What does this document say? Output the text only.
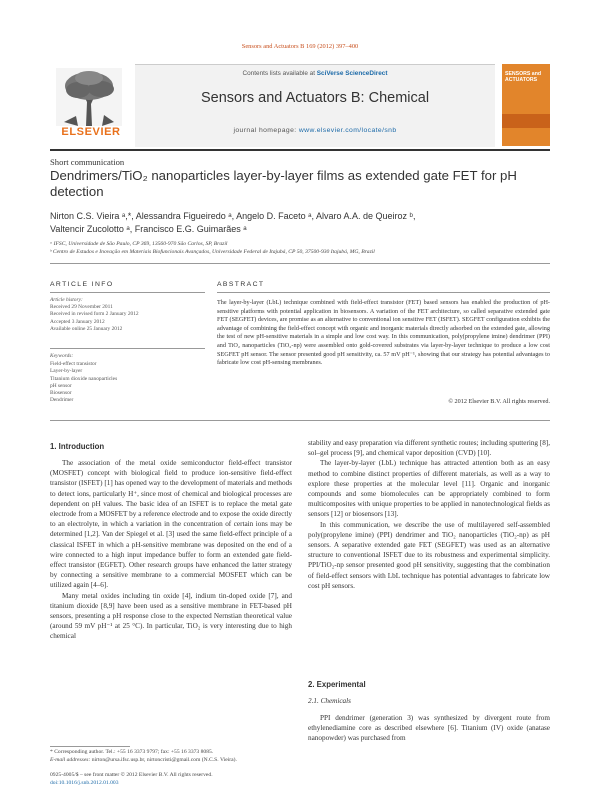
Sensors and Actuators B 169 (2012) 397–400
ELSEVIER
Contents lists available at SciVerse ScienceDirect
Sensors and Actuators B: Chemical
journal homepage: www.elsevier.com/locate/snb
SENSORS and ACTUATORS
Short communication
Dendrimers/TiO₂ nanoparticles layer-by-layer films as extended gate FET for pH detection
Nirton C.S. Vieira ᵃ,*, Alessandra Figueiredo ᵃ, Angelo D. Faceto ᵃ, Alvaro A.A. de Queiroz ᵇ,
Valtencir Zucolotto ᵃ, Francisco E.G. Guimarães ᵃ
ᵃ IFSC, Universidade de São Paulo, CP 369, 13560-970 São Carlos, SP, Brazil
ᵇ Centro de Estudos e Inovação em Materiais Biofuncionais Avançados, Universidade Federal de Itajubá, CP 50, 37500-930 Itajubá, MG, Brazil
ARTICLE INFO
Article history:
Received 29 November 2011
Received in revised form 2 January 2012
Accepted 3 January 2012
Available online 25 January 2012
Keywords:
Field-effect transistor
Layer-by-layer
Titanium dioxide nanoparticles
pH sensor
Biosensor
Dendrimer
ABSTRACT
The layer-by-layer (LbL) technique combined with field-effect transistor (FET) based sensors has enabled the production of pH-sensitive platforms with potential application in biosensors. A variation of the FET architecture, so called separative extended gate FET (SEGFET) devices, are promise as an alternative to conventional ion sensitive FET (ISFET). SEGFET configuration exhibits the advantage of combining the field-effect concept with organic and inorganic materials directly adsorbed on the extended gate, allowing the test of new pH-sensitive materials in a simple and low cost way. In this communication, poly(propylene imine) dendrimer (PPI) and TiO₂ nanoparticles (TiO₂-np) were assembled onto gold-covered substrates via layer-by-layer technique to produce a low cost SEGFET pH sensor. The sensor presented good pH sensitivity, ca. 57 mV pH⁻¹, showing that our strategy has potential advantages to fabricate low cost pH-sensing membranes.
© 2012 Elsevier B.V. All rights reserved.
1. Introduction

The association of the metal oxide semiconductor field-effect transistor (MOSFET) concept with biological field to produce ion-sensitive field-effect transistor (ISFET) [1] has opened way to the development of materials and methods to detect ions, particularly H⁺, since most of chemical and biological processes are dependent on pH values. The basic idea of an ISFET is to replace the metal gate electrode from a MOSFET by a reference electrode and to expose the oxide directly to an electrolyte, in which a variation in the concentration of certain ions may be determined [1,2]. Van der Spiegel et al. [3] used the same field-effect principle of a classical ISFET in which a pH-sensitive membrane was deposited on the end of a wire connected to a high input impedance buffer to form an extended gate field-effect transistor (EGFET). Other research groups have enhanced the latter strategy by connecting a sensitive membrane to a commercial MOSFET which can be utilized again [4–6].

Many metal oxides including tin oxide [4], indium tin-doped oxide [7], and titanium dioxide [8,9] have been used as a sensitive membrane in FET-based pH sensors, presenting a pH response close to the expected Nernstian theoretical value (around 59 mV pH⁻¹ at 25 °C). In particular, TiO₂ is very interesting due to high chemical

stability and easy preparation via different synthetic routes; including sputtering [8], sol–gel process [9], and chemical vapor deposition (CVD) [10].

The layer-by-layer (LbL) technique has attracted attention both as an easy method to combine distinct properties of different materials, as well as a way to explore these properties at the molecular level [11]. Organic and inorganic compounds and some biomolecules can be appropriately combined to form multicomposites with unique properties to be applied in nanotechnological fields as sensors [12] or biosensors [13].

In this communication, we describe the use of multilayered self-assembled poly(propylene imine) (PPI) dendrimer and TiO₂ nanoparticles (TiO₂-np) as pH sensors. A separative extended gate FET (SEGFET) was used as an alternative structure to conventional ISFET due to its robustness and experimental simplicity. PPI/TiO₂-np sensor presented good pH sensitivity, suggesting that the combination of field-effect sensors with LbL technique has potential advantages to fabricate low cost pH sensors.

2. Experimental
2.1. Chemicals

PPI dendrimer (generation 3) was synthesized by divergent route from ethylenediamine core as described elsewhere [6]. Titanium (IV) oxide (anatase nanopowder) was purchased from

* Corresponding author. Tel.: +55 16 3373 9797; fax: +55 16 3373 8085.
E-mail addresses: nirton@ursa.ifsc.usp.br, nirtoncristi@gmail.com (N.C.S. Vieira).
0925-4005/$ – see front matter © 2012 Elsevier B.V. All rights reserved.
doi:10.1016/j.snb.2012.01.003
